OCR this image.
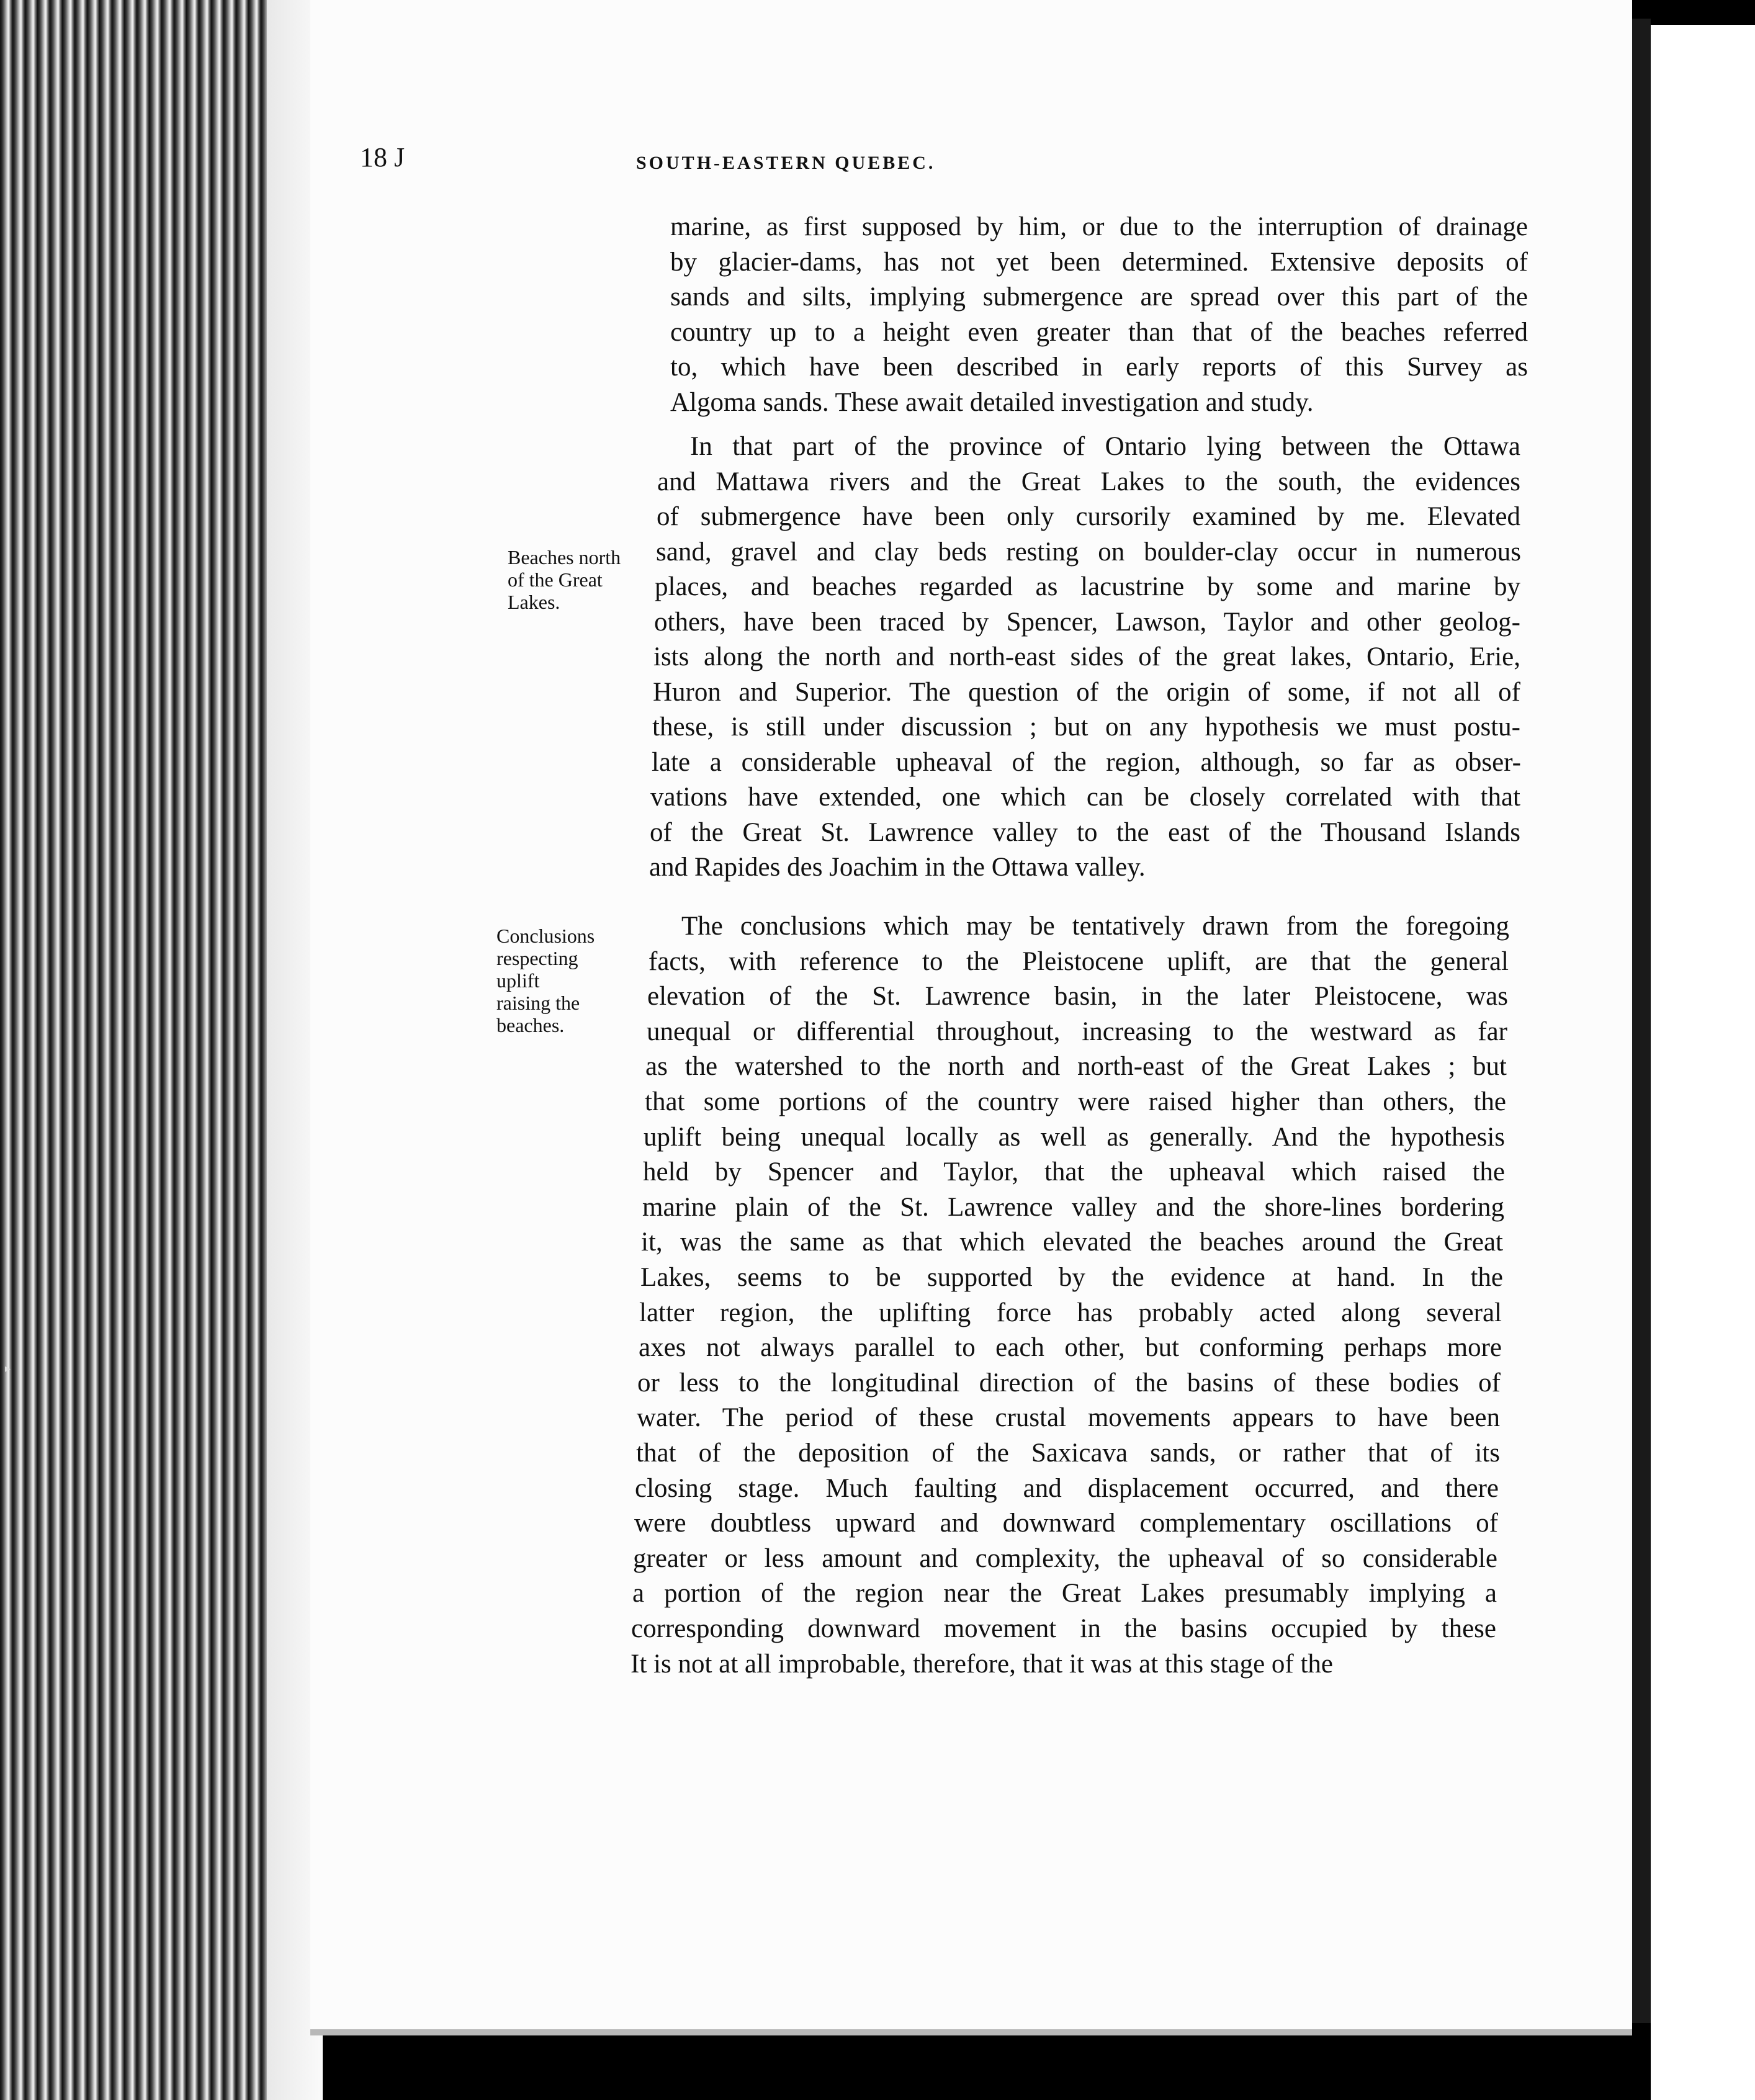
▸
18 J	SOUTH-EASTERN QUEBEC.
Beaches north
of the Great
Lakes.
Conclusions
respecting
uplift
raising the
beaches.
marine, as first supposed by him, or due to the interruption of drainage
by glacier-dams, has not yet been determined. Extensive deposits of
sands and silts, implying submergence are spread over this part of the
country up to a height even greater than that of the beaches referred
to, which have been described in early reports of this Survey as
Algoma sands. These await detailed investigation and study.
In that part of the province of Ontario lying between the Ottawa
and Mattawa rivers and the Great Lakes to the south, the evidences
of submergence have been only cursorily examined by me. Elevated
sand, gravel and clay beds resting on boulder-clay occur in numerous
places, and beaches regarded as lacustrine by some and marine by
others, have been traced by Spencer, Lawson, Taylor and other geolog-
ists along the north and north-east sides of the great lakes, Ontario, Erie,
Huron and Superior. The question of the origin of some, if not all of
these, is still under discussion ; but on any hypothesis we must postu-
late a considerable upheaval of the region, although, so far as obser-
vations have extended, one which can be closely correlated with that
of the Great St. Lawrence valley to the east of the Thousand Islands
and Rapides des Joachim in the Ottawa valley.
The conclusions which may be tentatively drawn from the foregoing
facts, with reference to the Pleistocene uplift, are that the general
elevation of the St. Lawrence basin, in the later Pleistocene, was
unequal or differential throughout, increasing to the westward as far
as the watershed to the north and north-east of the Great Lakes ; but
that some portions of the country were raised higher than others, the
uplift being unequal locally as well as generally. And the hypothesis
held by Spencer and Taylor, that the upheaval which raised the
marine plain of the St. Lawrence valley and the shore-lines bordering
it, was the same as that which elevated the beaches around the Great
Lakes, seems to be supported by the evidence at hand. In the
latter region, the uplifting force has probably acted along several
axes not always parallel to each other, but conforming perhaps more
or less to the longitudinal direction of the basins of these bodies of
water. The period of these crustal movements appears to have been
that of the deposition of the Saxicava sands, or rather that of its
closing stage. Much faulting and displacement occurred, and there
were doubtless upward and downward complementary oscillations of
greater or less amount and complexity, the upheaval of so considerable
a portion of the region near the Great Lakes presumably implying a
corresponding downward movement in the basins occupied by these
It is not at all improbable, therefore, that it was at this stage of the
